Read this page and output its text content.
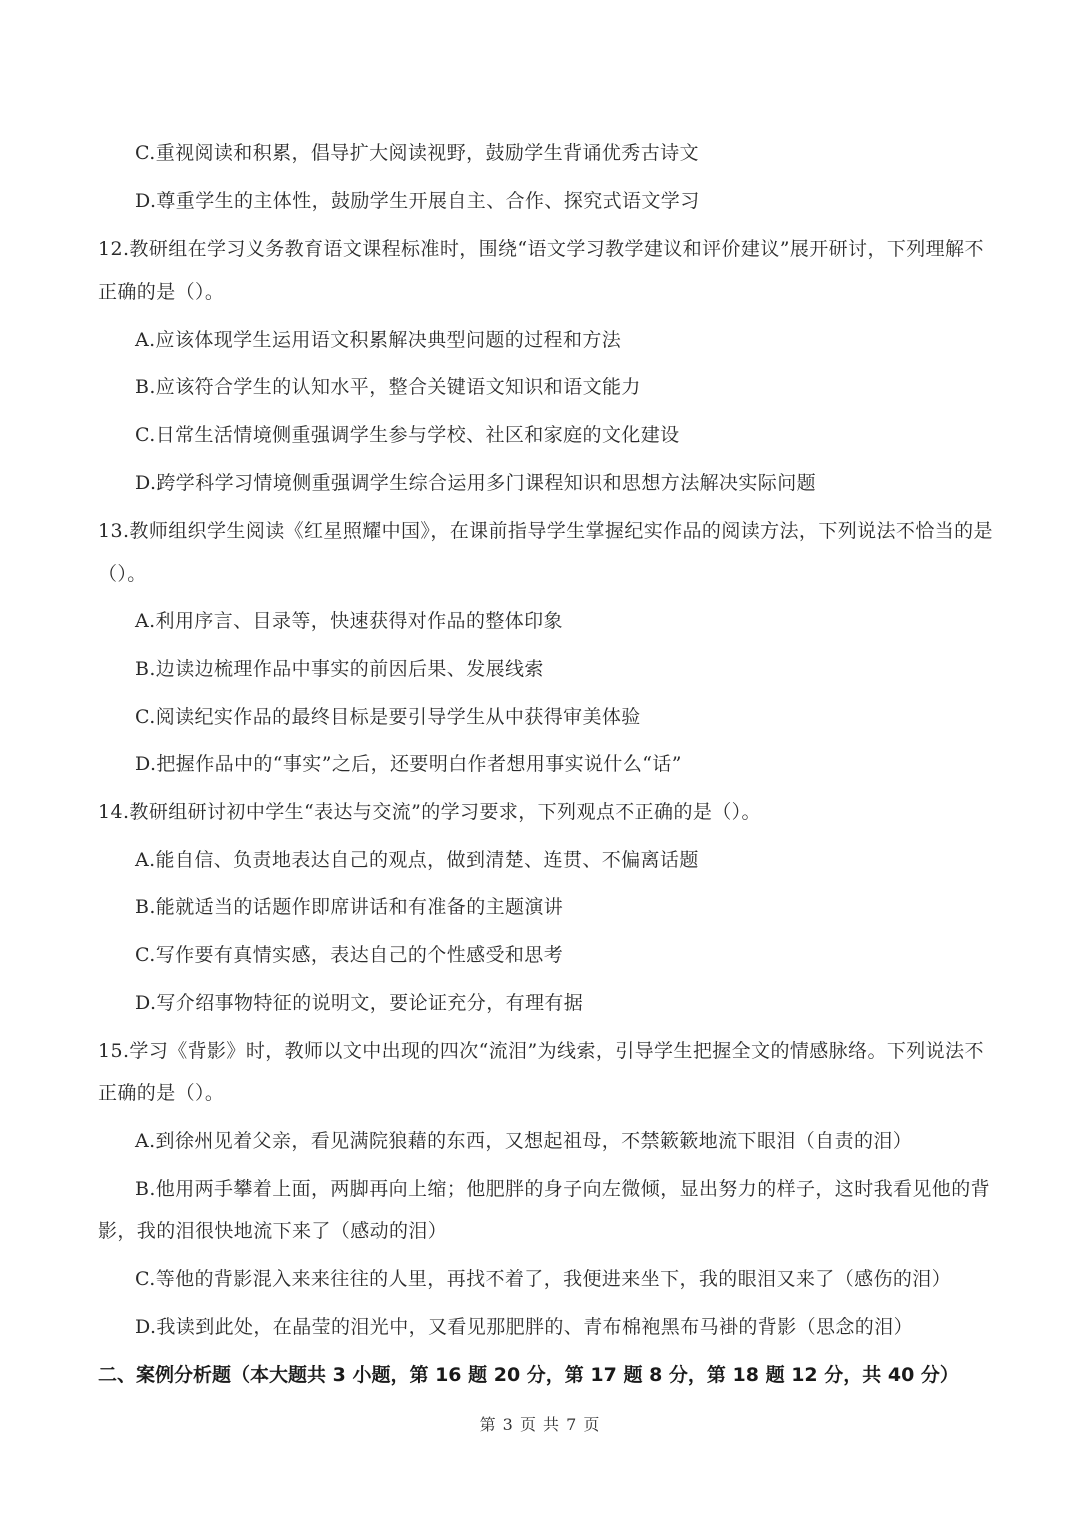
C.重视阅读和积累，倡导扩大阅读视野，鼓励学生背诵优秀古诗文
D.尊重学生的主体性，鼓励学生开展自主、合作、探究式语文学习
12.教研组在学习义务教育语文课程标准时，围绕“语文学习教学建议和评价建议”展开研讨，下列理解不
正确的是（）。
A.应该体现学生运用语文积累解决典型问题的过程和方法
B.应该符合学生的认知水平，整合关键语文知识和语文能力
C.日常生活情境侧重强调学生参与学校、社区和家庭的文化建设
D.跨学科学习情境侧重强调学生综合运用多门课程知识和思想方法解决实际问题
13.教师组织学生阅读《红星照耀中国》，在课前指导学生掌握纪实作品的阅读方法，下列说法不恰当的是
（）。
A.利用序言、目录等，快速获得对作品的整体印象
B.边读边梳理作品中事实的前因后果、发展线索
C.阅读纪实作品的最终目标是要引导学生从中获得审美体验
D.把握作品中的“事实”之后，还要明白作者想用事实说什么“话”
14.教研组研讨初中学生“表达与交流”的学习要求，下列观点不正确的是（）。
A.能自信、负责地表达自己的观点，做到清楚、连贯、不偏离话题
B.能就适当的话题作即席讲话和有准备的主题演讲
C.写作要有真情实感，表达自己的个性感受和思考
D.写介绍事物特征的说明文，要论证充分，有理有据
15.学习《背影》时，教师以文中出现的四次“流泪”为线索，引导学生把握全文的情感脉络。下列说法不
正确的是（）。
A.到徐州见着父亲，看见满院狼藉的东西，又想起祖母，不禁簌簌地流下眼泪（自责的泪）
B.他用两手攀着上面，两脚再向上缩；他肥胖的身子向左微倾，显出努力的样子，这时我看见他的背
影，我的泪很快地流下来了（感动的泪）
C.等他的背影混入来来往往的人里，再找不着了，我便进来坐下，我的眼泪又来了（感伤的泪）
D.我读到此处，在晶莹的泪光中，又看见那肥胖的、青布棉袍黑布马褂的背影（思念的泪）
二、案例分析题（本大题共 3 小题，第 16 题 20 分，第 17 题 8 分，第 18 题 12 分，共 40 分）
第 3 页 共 7 页
